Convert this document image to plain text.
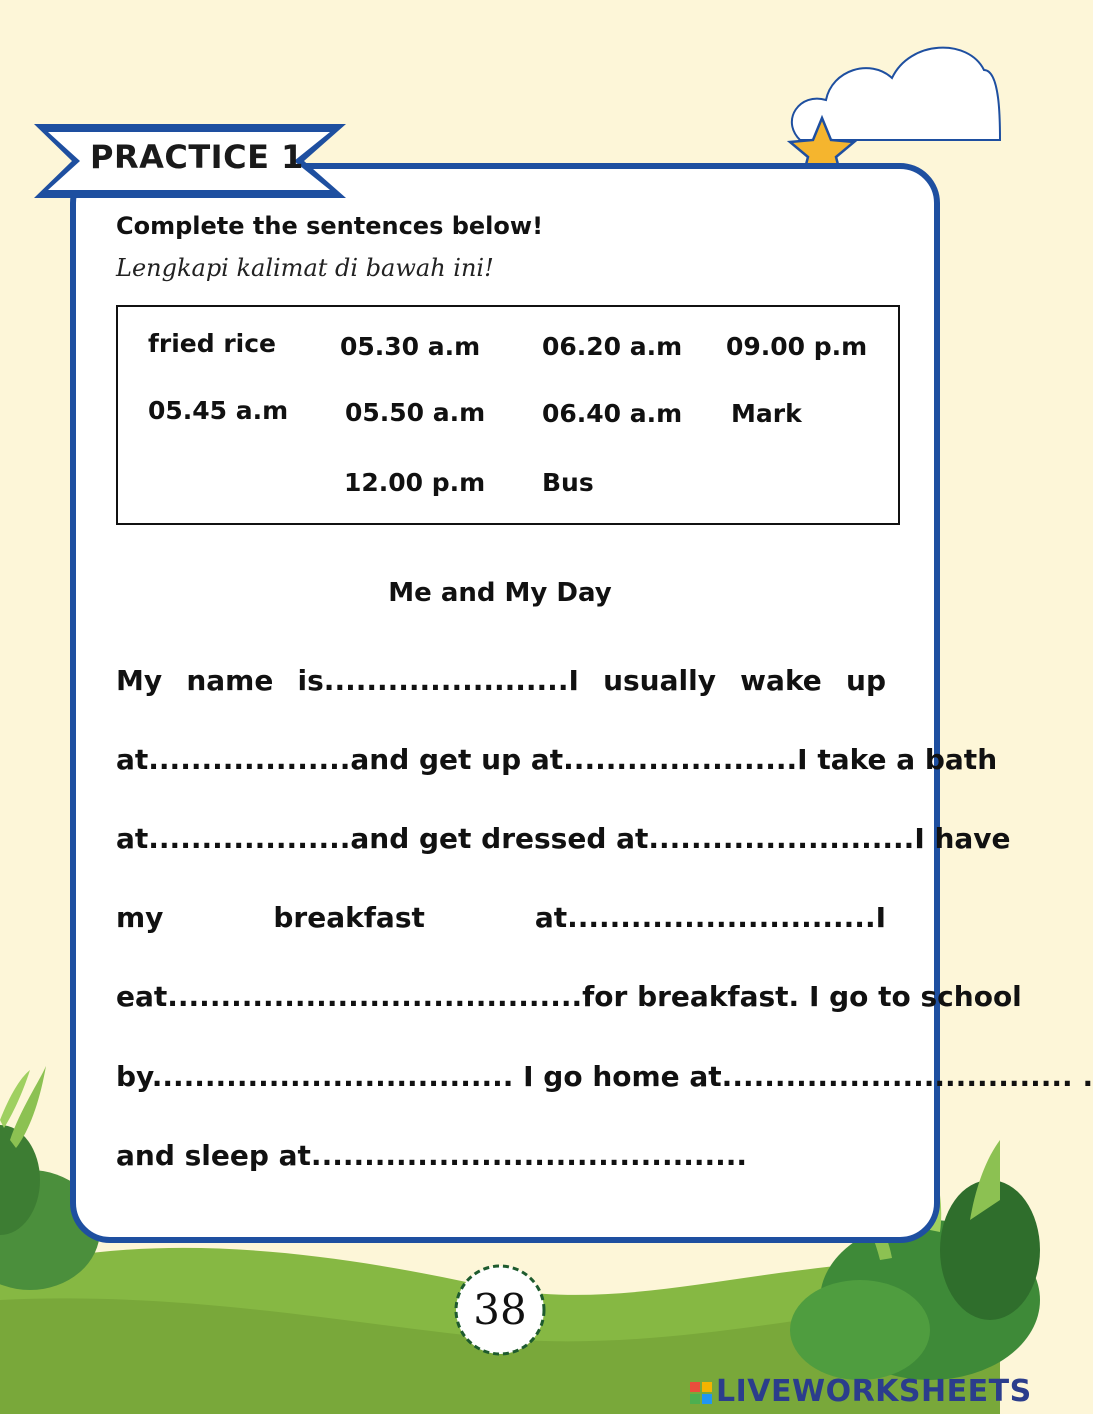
PRACTICE 1
Complete the sentences below!
Lengkapi kalimat di bawah ini!
fried rice	05.30 a.m 06.20 a.m 09.00 p.m
05.45 a.m 05.50 a.m 06.40 a.m Mark
12.00 p.m Bus
Me and My Day
My name is.......................I usually wake up
at...................and get up at......................I take a bath
at...................and get dressed at.........................I have
my breakfast at.............................I
eat.......................................for breakfast. I go to school
by.................................. I go home at................................. .
and sleep at.........................................
38
LIVEWORKSHEETS
